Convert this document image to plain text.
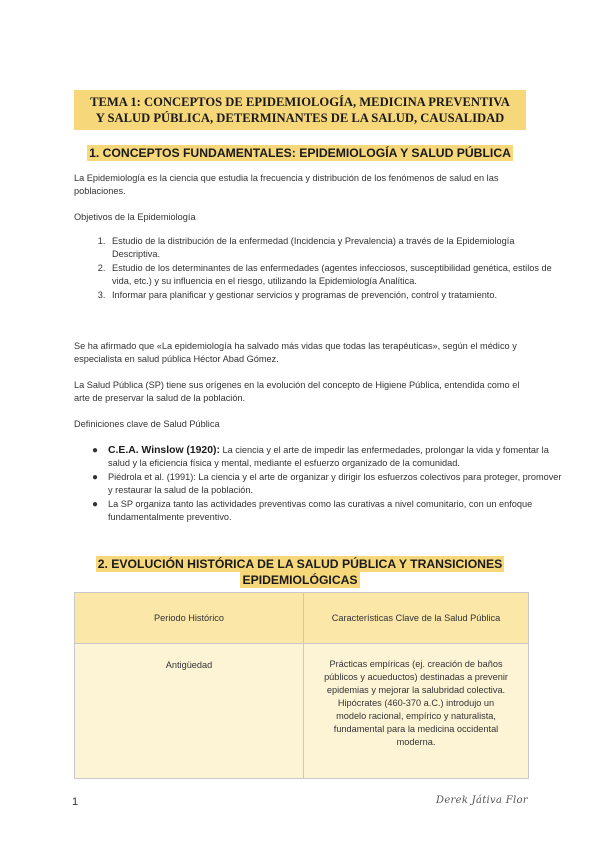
TEMA 1: CONCEPTOS DE EPIDEMIOLOGÍA, MEDICINA PREVENTIVA
Y SALUD PÚBLICA, DETERMINANTES DE LA SALUD, CAUSALIDAD
1. CONCEPTOS FUNDAMENTALES: EPIDEMIOLOGÍA Y SALUD PÚBLICA
La Epidemiología es la ciencia que estudia la frecuencia y distribución de los fenómenos de salud en las poblaciones.
Objetivos de la Epidemiología
1. Estudio de la distribución de la enfermedad (Incidencia y Prevalencia) a través de la Epidemiología Descriptiva.
2. Estudio de los determinantes de las enfermedades (agentes infecciosos, susceptibilidad genética, estilos de vida, etc.) y su influencia en el riesgo, utilizando la Epidemiología Analítica.
3. Informar para planificar y gestionar servicios y programas de prevención, control y tratamiento.
Se ha afirmado que «La epidemiología ha salvado más vidas que todas las terapéuticas», según el médico y especialista en salud pública Héctor Abad Gómez.
La Salud Pública (SP) tiene sus orígenes en la evolución del concepto de Higiene Pública, entendida como el arte de preservar la salud de la población.
Definiciones clave de Salud Pública
● C.E.A. Winslow (1920): La ciencia y el arte de impedir las enfermedades, prolongar la vida y fomentar la salud y la eficiencia física y mental, mediante el esfuerzo organizado de la comunidad.
● Piédrola et al. (1991): La ciencia y el arte de organizar y dirigir los esfuerzos colectivos para proteger, promover y restaurar la salud de la población.
● La SP organiza tanto las actividades preventivas como las curativas a nivel comunitario, con un enfoque fundamentalmente preventivo.
2. EVOLUCIÓN HISTÓRICA DE LA SALUD PÚBLICA Y TRANSICIONES
EPIDEMIOLÓGICAS
Periodo Histórico	Características Clave de la Salud Pública
Antigüedad	Prácticas empíricas (ej. creación de baños públicos y acueductos) destinadas a prevenir epidemias y mejorar la salubridad colectiva. Hipócrates (460-370 a.C.) introdujo un modelo racional, empírico y naturalista, fundamental para la medicina occidental moderna.
1	Derek Játiva Flor
